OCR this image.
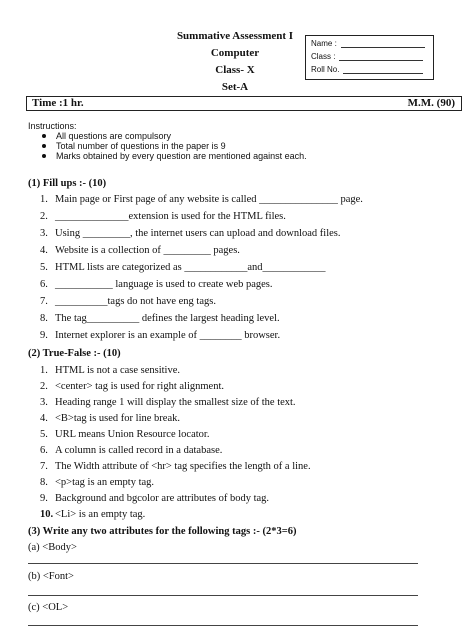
Summative Assessment I
Computer
Class- X
Set-A
Name :
Class :
Roll No.
Time :1 hr.	M.M. (90)
Instructions:
All questions are compulsory
Total number of questions in the paper is 9
Marks obtained by every question are mentioned against each.
(1) Fill ups :- (10)
1. Main page or First page of any website is called _______________ page.
2. ______________extension is used for the HTML files.
3. Using _________, the internet users can upload and download files.
4. Website is a collection of _________ pages.
5. HTML lists are categorized as ____________and____________
6. ___________ language is used to create web pages.
7. __________tags do not have eng tags.
8. The tag__________ defines the largest heading level.
9. Internet explorer is an example of ________ browser.
(2) True-False :- (10)
1. HTML is not a case sensitive.
2. <center> tag is used for right alignment.
3. Heading range 1 will display the smallest size of the text.
4. <B>tag is used for line break.
5. URL means Union Resource locator.
6. A column is called record in a database.
7. The Width attribute of <hr> tag specifies the length of a line.
8. <p>tag is an empty tag.
9. Background and bgcolor are attributes of body tag.
10. <Li> is an empty tag.
(3) Write any two attributes for the following tags :- (2*3=6)
(a) <Body>
(b) <Font>
(c) <OL>
